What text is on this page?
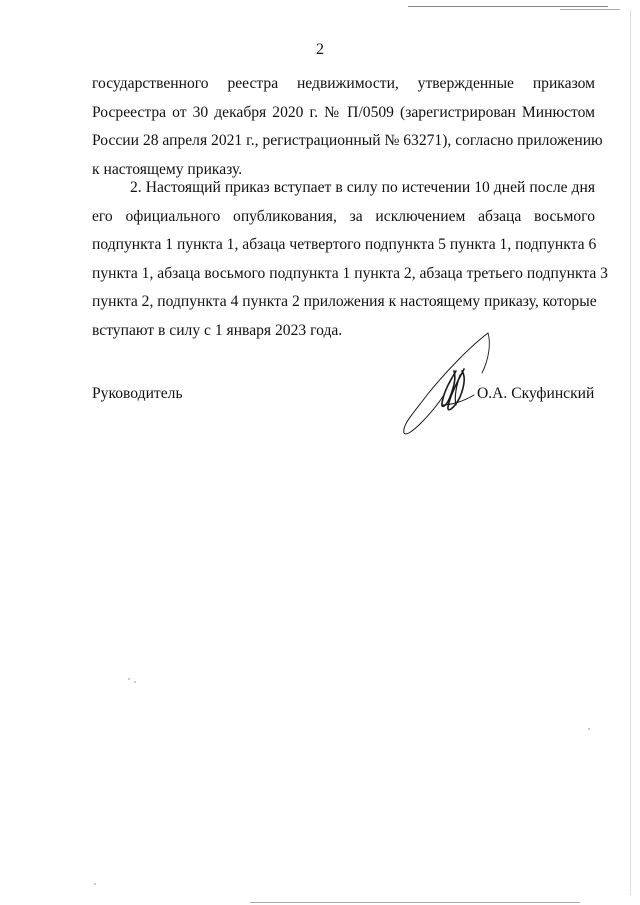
2
государственного реестра недвижимости, утвержденные приказом
Росреестра от 30 декабря 2020 г. № П/0509 (зарегистрирован Минюстом
России 28 апреля 2021 г., регистрационный № 63271), согласно приложению
к настоящему приказу.
2. Настоящий приказ вступает в силу по истечении 10 дней после дня
его официального опубликования, за исключением абзаца восьмого
подпункта 1 пункта 1, абзаца четвертого подпункта 5 пункта 1, подпункта 6
пункта 1, абзаца восьмого подпункта 1 пункта 2, абзаца третьего подпункта 3
пункта 2, подпункта 4 пункта 2 приложения к настоящему приказу, которые
вступают в силу с 1 января 2023 года.
Руководитель	О.А. Скуфинский
